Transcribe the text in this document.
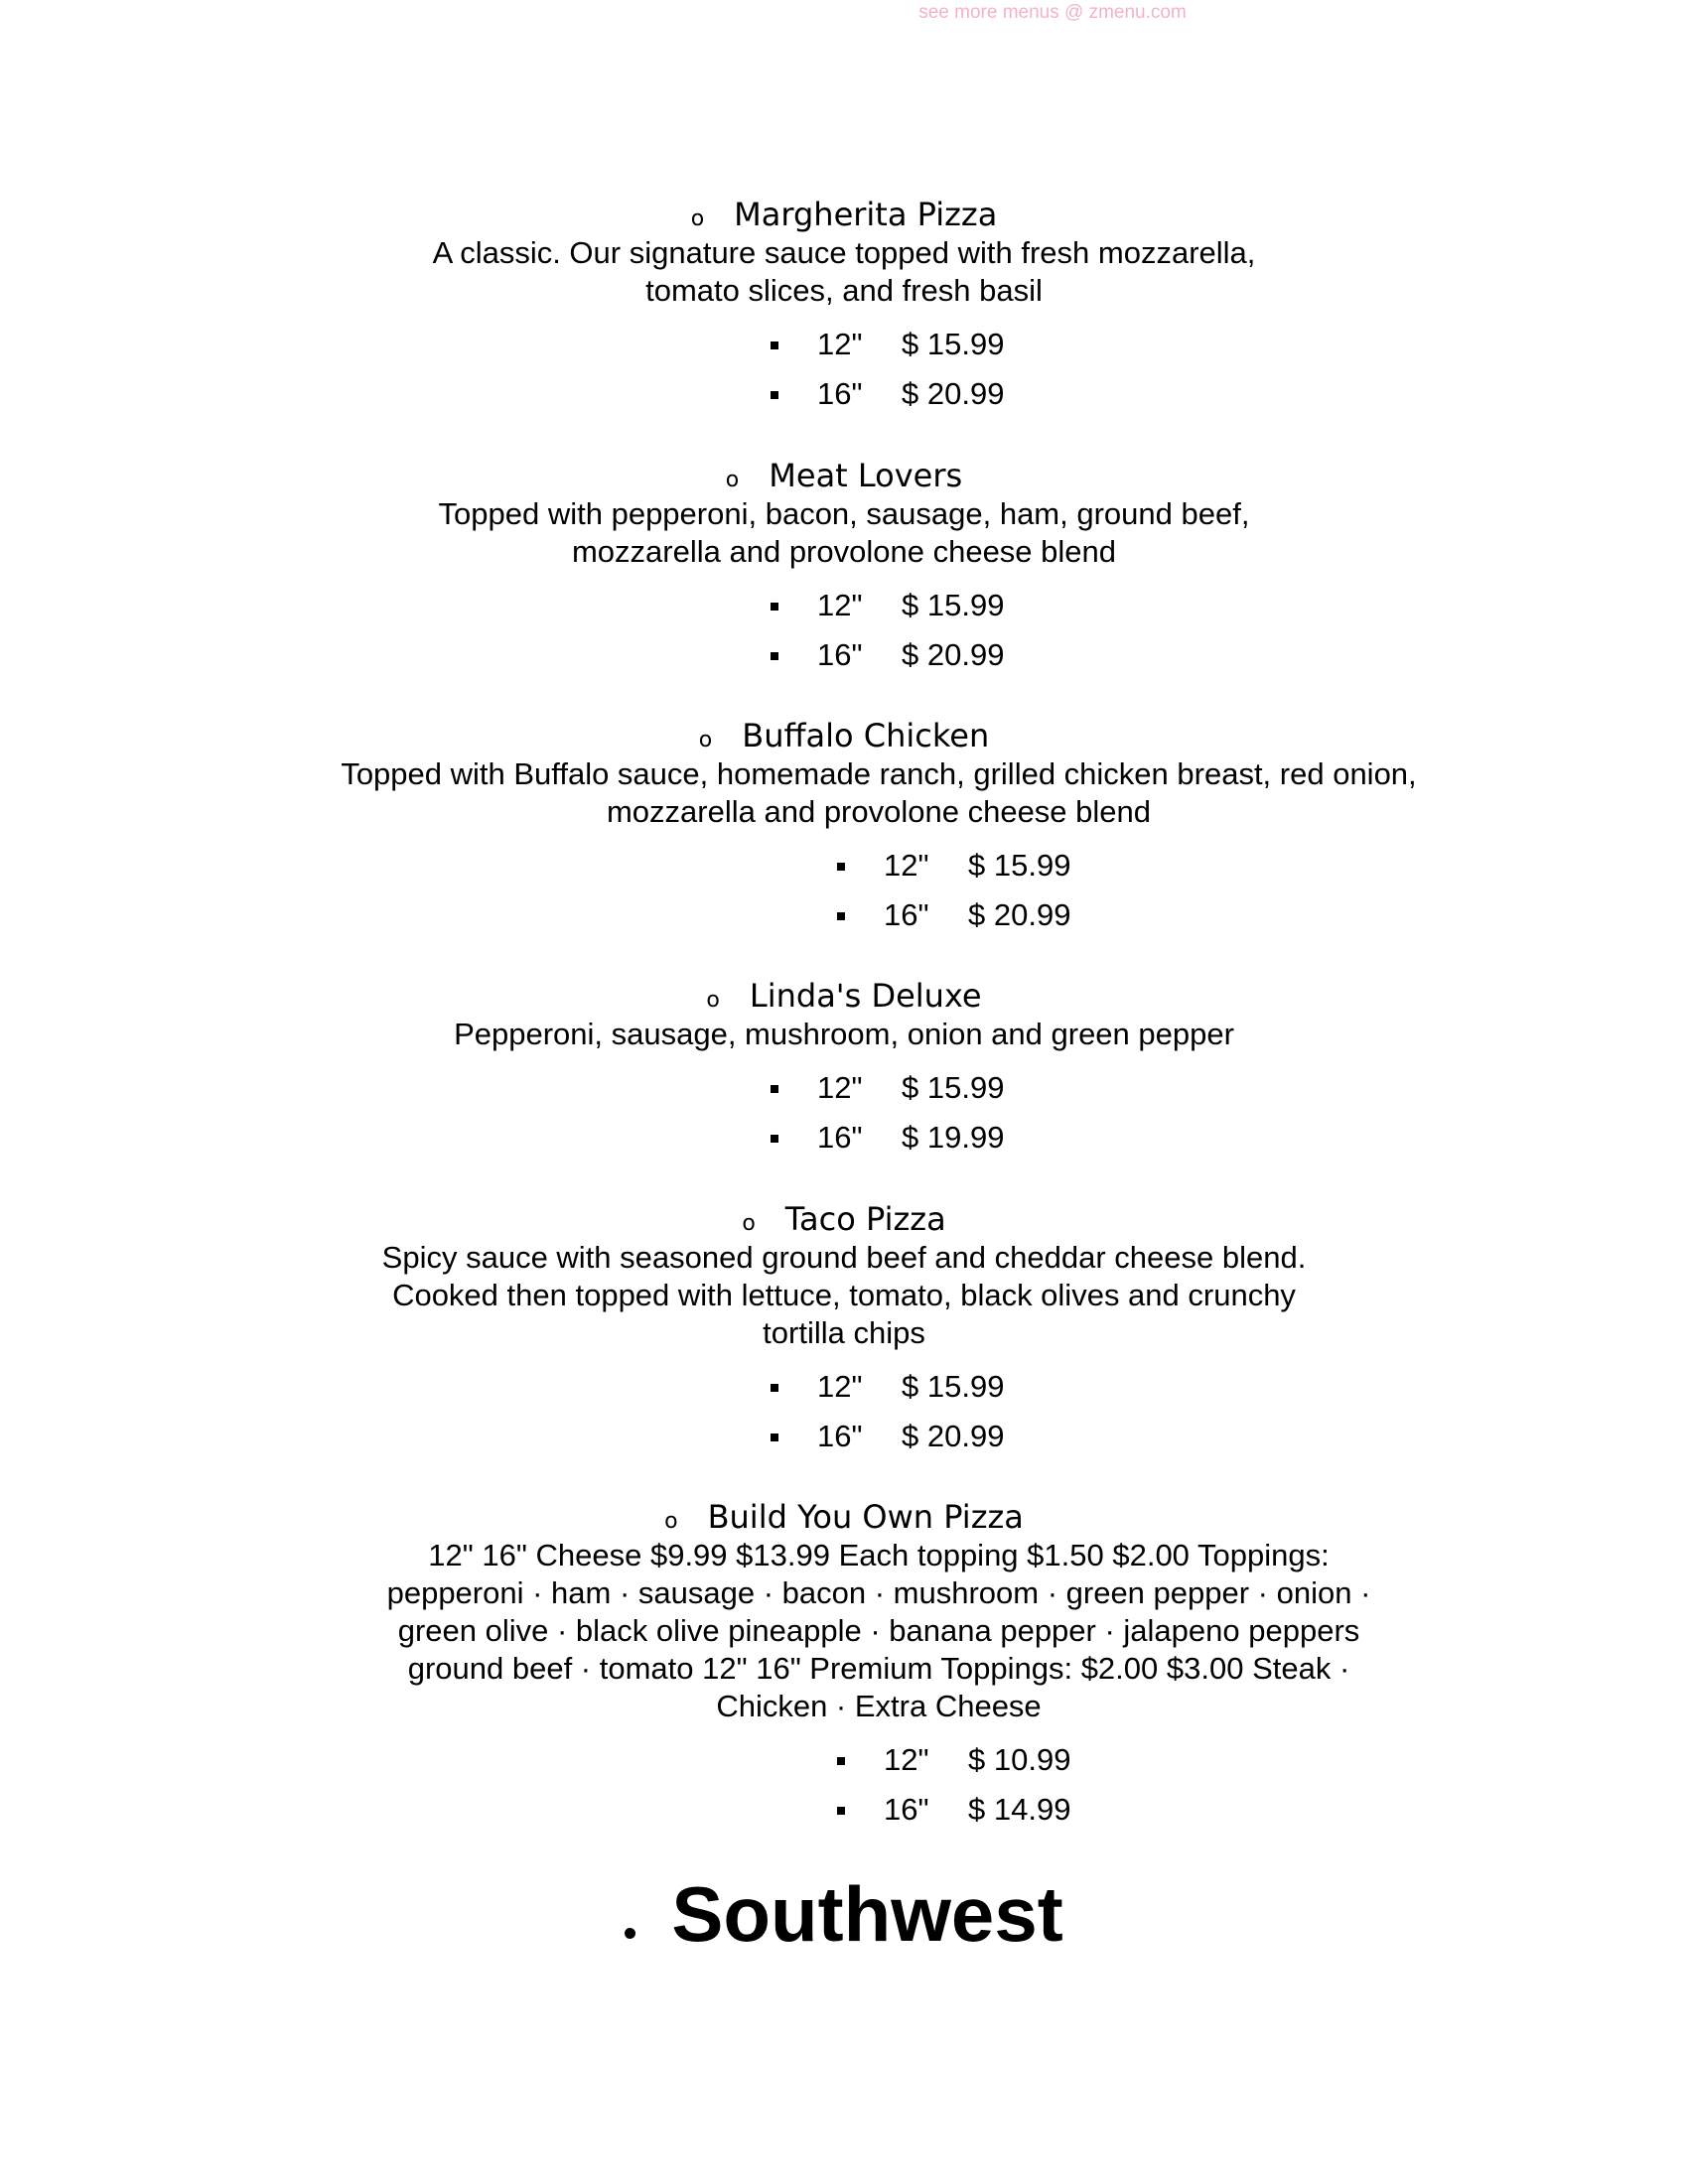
see more menus @ zmenu.com
o Margherita Pizza
A classic. Our signature sauce topped with fresh mozzarella, tomato slices, and fresh basil
12" $ 15.99
16" $ 20.99
o Meat Lovers
Topped with pepperoni, bacon, sausage, ham, ground beef, mozzarella and provolone cheese blend
12" $ 15.99
16" $ 20.99
o Buffalo Chicken
Topped with Buffalo sauce, homemade ranch, grilled chicken breast, red onion, mozzarella and provolone cheese blend
12" $ 15.99
16" $ 20.99
o Linda's Deluxe
Pepperoni, sausage, mushroom, onion and green pepper
12" $ 15.99
16" $ 19.99
o Taco Pizza
Spicy sauce with seasoned ground beef and cheddar cheese blend. Cooked then topped with lettuce, tomato, black olives and crunchy tortilla chips
12" $ 15.99
16" $ 20.99
o Build You Own Pizza
12" 16" Cheese $9.99 $13.99 Each topping $1.50 $2.00 Toppings: pepperoni · ham · sausage · bacon · mushroom · green pepper · onion · green olive · black olive pineapple · banana pepper · jalapeno peppers ground beef · tomato 12" 16" Premium Toppings: $2.00 $3.00 Steak · Chicken · Extra Cheese
12" $ 10.99
16" $ 14.99
Southwest
